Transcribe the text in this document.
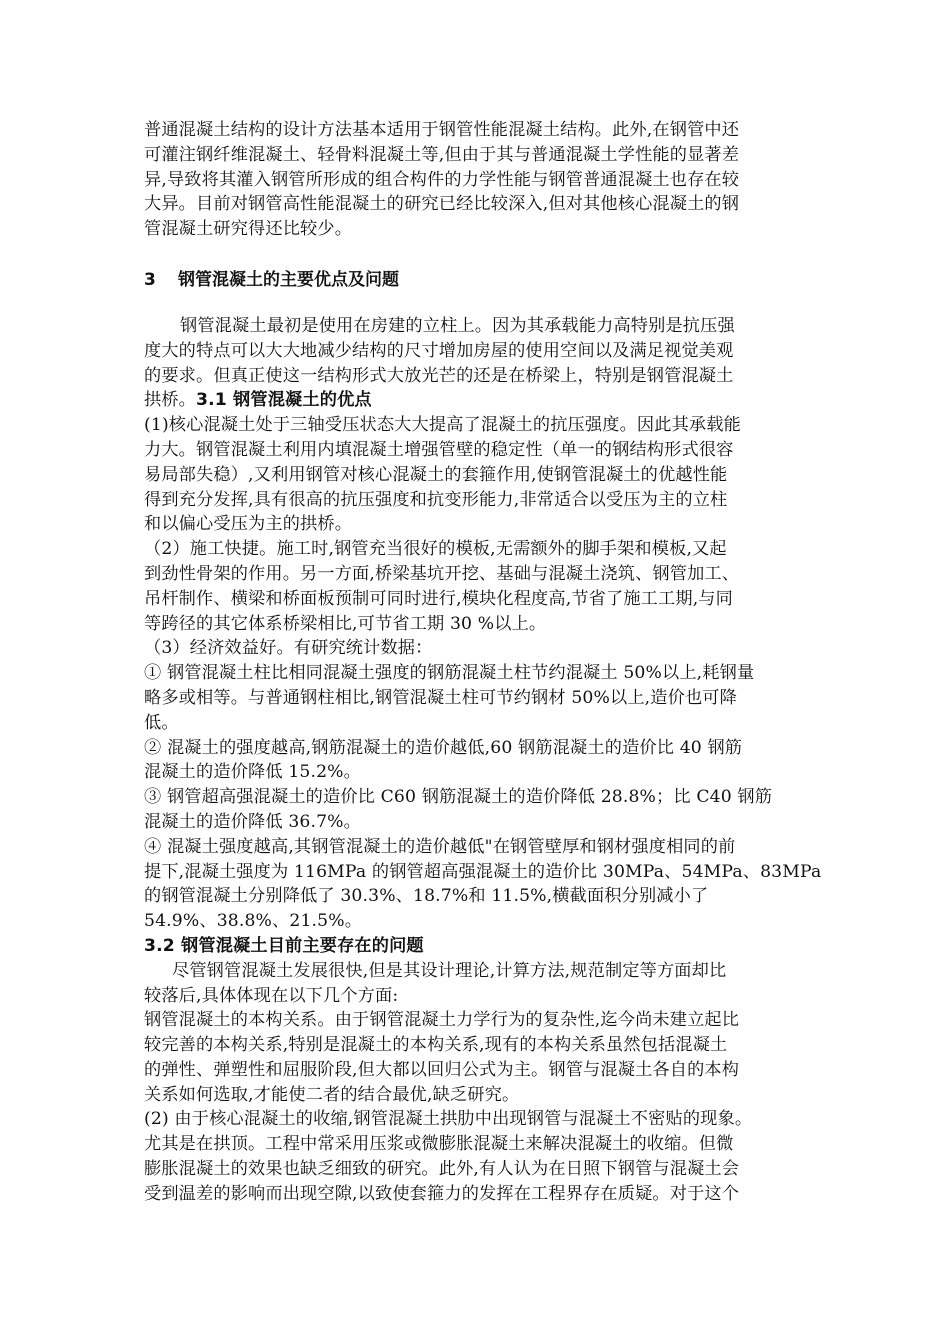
普通混凝土结构的设计方法基本适用于钢管性能混凝土结构。此外,在钢管中还
可灌注钢纤维混凝土、轻骨料混凝土等,但由于其与普通混凝土学性能的显著差
异,导致将其灌入钢管所形成的组合构件的力学性能与钢管普通混凝土也存在较
大异。目前对钢管高性能混凝土的研究已经比较深入,但对其他核心混凝土的钢
管混凝土研究得还比较少。
3 钢管混凝土的主要优点及问题
钢管混凝土最初是使用在房建的立柱上。因为其承载能力高特别是抗压强
度大的特点可以大大地减少结构的尺寸增加房屋的使用空间以及满足视觉美观
的要求。但真正使这一结构形式大放光芒的还是在桥梁上，特别是钢管混凝土
拱桥。3.1 钢管混凝土的优点
(1)核心混凝土处于三轴受压状态大大提高了混凝土的抗压强度。因此其承载能
力大。钢管混凝土利用内填混凝土增强管壁的稳定性（单一的钢结构形式很容
易局部失稳）,又利用钢管对核心混凝土的套箍作用,使钢管混凝土的优越性能
得到充分发挥,具有很高的抗压强度和抗变形能力,非常适合以受压为主的立柱
和以偏心受压为主的拱桥。
（2）施工快捷。施工时,钢管充当很好的模板,无需额外的脚手架和模板,又起
到劲性骨架的作用。另一方面,桥梁基坑开挖、基础与混凝土浇筑、钢管加工、
吊杆制作、横梁和桥面板预制可同时进行,模块化程度高,节省了施工工期,与同
等跨径的其它体系桥梁相比,可节省工期 30 %以上。
（3）经济效益好。有研究统计数据：
① 钢管混凝土柱比相同混凝土强度的钢筋混凝土柱节约混凝土 50%以上,耗钢量
略多或相等。与普通钢柱相比,钢管混凝土柱可节约钢材 50%以上,造价也可降
低。
② 混凝土的强度越高,钢筋混凝土的造价越低,60 钢筋混凝土的造价比 40 钢筋
混凝土的造价降低 15.2%。
③ 钢管超高强混凝土的造价比 C60 钢筋混凝土的造价降低 28.8%；比 C40 钢筋
混凝土的造价降低 36.7%。
④ 混凝土强度越高,其钢管混凝土的造价越低"在钢管壁厚和钢材强度相同的前
提下,混凝土强度为 116MPa 的钢管超高强混凝土的造价比 30MPa、54MPa、83MPa
的钢管混凝土分别降低了 30.3%、18.7%和 11.5%,横截面积分别减小了
54.9%、38.8%、21.5%。
3.2 钢管混凝土目前主要存在的问题
尽管钢管混凝土发展很快,但是其设计理论,计算方法,规范制定等方面却比
较落后,具体体现在以下几个方面:
钢管混凝土的本构关系。由于钢管混凝土力学行为的复杂性,迄今尚未建立起比
较完善的本构关系,特别是混凝土的本构关系,现有的本构关系虽然包括混凝土
的弹性、弹塑性和屈服阶段,但大都以回归公式为主。钢管与混凝土各自的本构
关系如何选取,才能使二者的结合最优,缺乏研究。
(2) 由于核心混凝土的收缩,钢管混凝土拱肋中出现钢管与混凝土不密贴的现象。
尤其是在拱顶。工程中常采用压浆或微膨胀混凝土来解决混凝土的收缩。但微
膨胀混凝土的效果也缺乏细致的研究。此外,有人认为在日照下钢管与混凝土会
受到温差的影响而出现空隙,以致使套箍力的发挥在工程界存在质疑。对于这个
